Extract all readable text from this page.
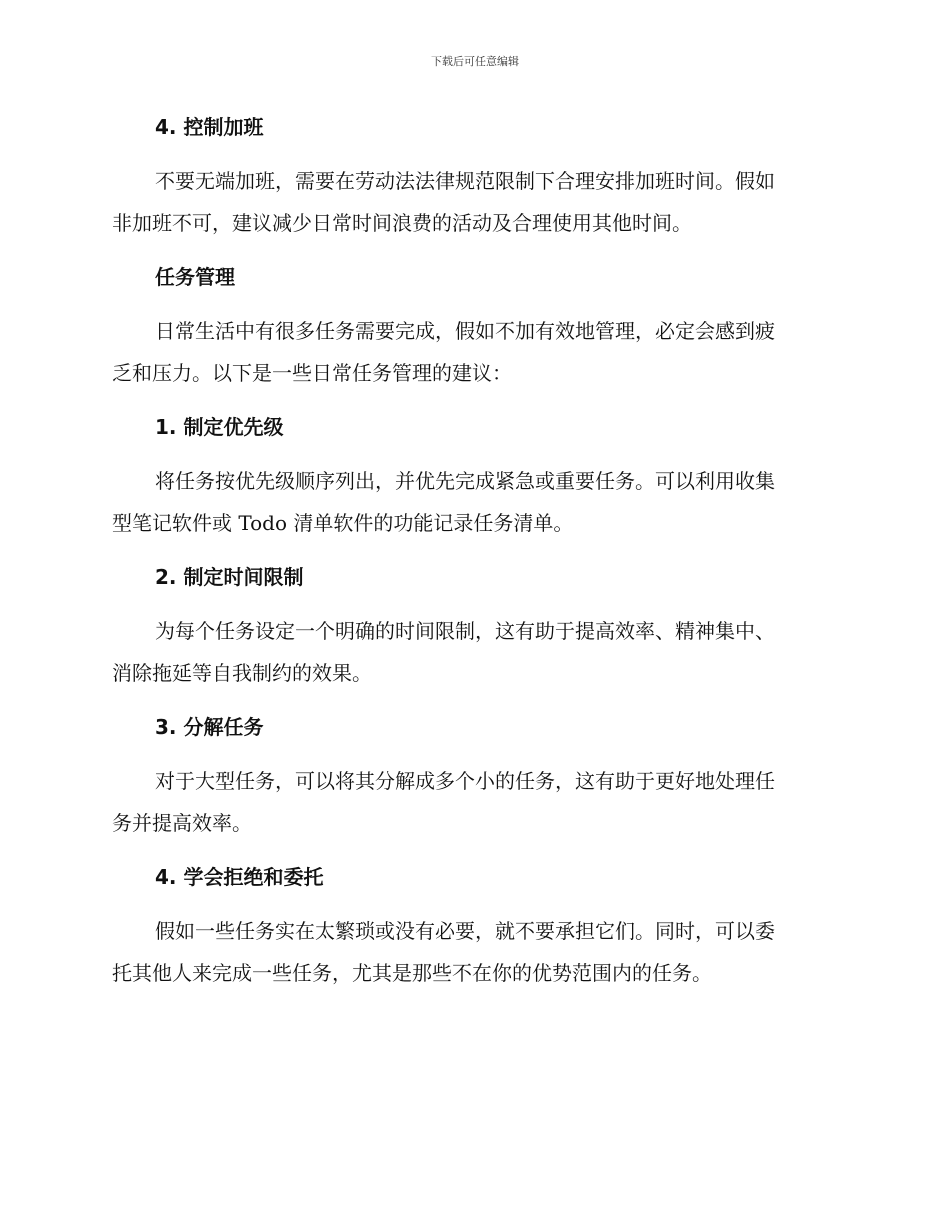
下载后可任意编辑
4. 控制加班
不要无端加班，需要在劳动法法律规范限制下合理安排加班时间。假如
非加班不可，建议减少日常时间浪费的活动及合理使用其他时间。
任务管理
日常生活中有很多任务需要完成，假如不加有效地管理，必定会感到疲
乏和压力。以下是一些日常任务管理的建议：
1. 制定优先级
将任务按优先级顺序列出，并优先完成紧急或重要任务。可以利用收集
型笔记软件或 Todo 清单软件的功能记录任务清单。
2. 制定时间限制
为每个任务设定一个明确的时间限制，这有助于提高效率、精神集中、
消除拖延等自我制约的效果。
3. 分解任务
对于大型任务，可以将其分解成多个小的任务，这有助于更好地处理任
务并提高效率。
4. 学会拒绝和委托
假如一些任务实在太繁琐或没有必要，就不要承担它们。同时，可以委
托其他人来完成一些任务，尤其是那些不在你的优势范围内的任务。
